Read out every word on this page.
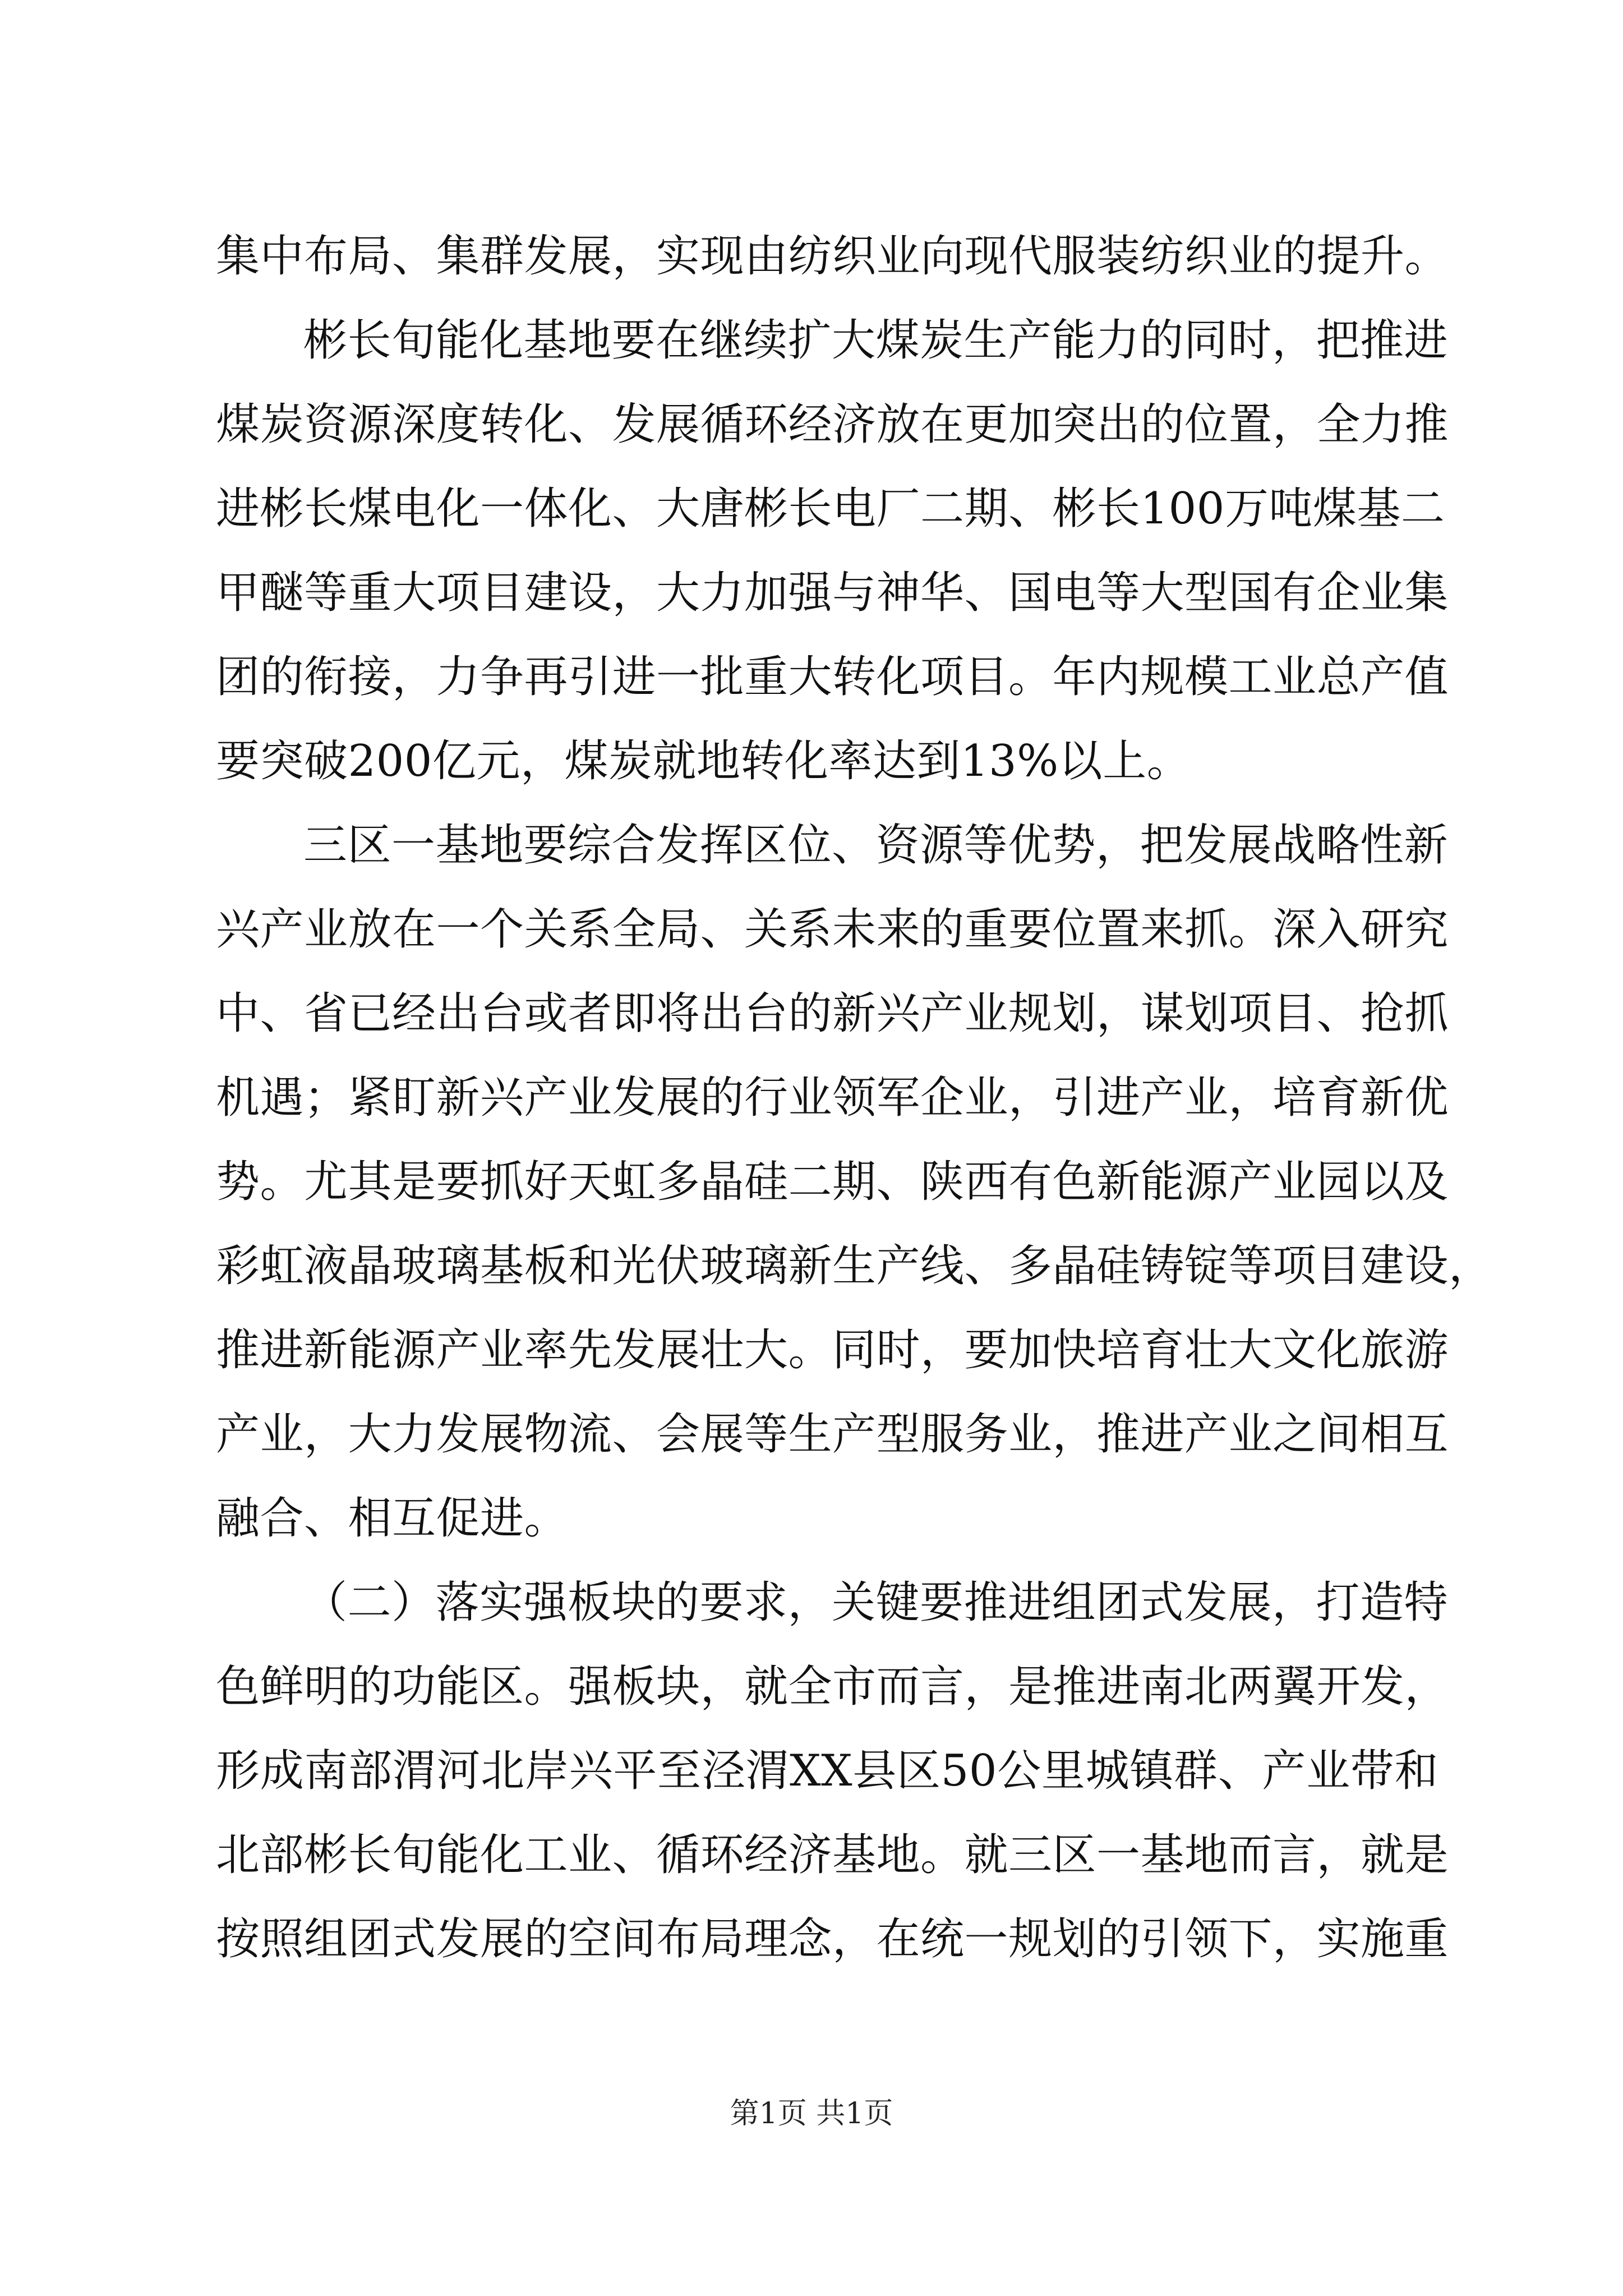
集中布局、集群发展，实现由纺织业向现代服装纺织业的提升。
彬长旬能化基地要在继续扩大煤炭生产能力的同时，把推进
煤炭资源深度转化、发展循环经济放在更加突出的位置，全力推
进彬长煤电化一体化、大唐彬长电厂二期、彬长100万吨煤基二
甲醚等重大项目建设，大力加强与神华、国电等大型国有企业集
团的衔接，力争再引进一批重大转化项目。年内规模工业总产值
要突破200亿元，煤炭就地转化率达到13%以上。
三区一基地要综合发挥区位、资源等优势，把发展战略性新
兴产业放在一个关系全局、关系未来的重要位置来抓。深入研究
中、省已经出台或者即将出台的新兴产业规划，谋划项目、抢抓
机遇；紧盯新兴产业发展的行业领军企业，引进产业，培育新优
势。尤其是要抓好天虹多晶硅二期、陕西有色新能源产业园以及
彩虹液晶玻璃基板和光伏玻璃新生产线、多晶硅铸锭等项目建设，
推进新能源产业率先发展壮大。同时，要加快培育壮大文化旅游
产业，大力发展物流、会展等生产型服务业，推进产业之间相互
融合、相互促进。
（二）落实强板块的要求，关键要推进组团式发展，打造特
色鲜明的功能区。强板块，就全市而言，是推进南北两翼开发，
形成南部渭河北岸兴平至泾渭XX县区50公里城镇群、产业带和
北部彬长旬能化工业、循环经济基地。就三区一基地而言，就是
按照组团式发展的空间布局理念，在统一规划的引领下，实施重
第1页 共1页
